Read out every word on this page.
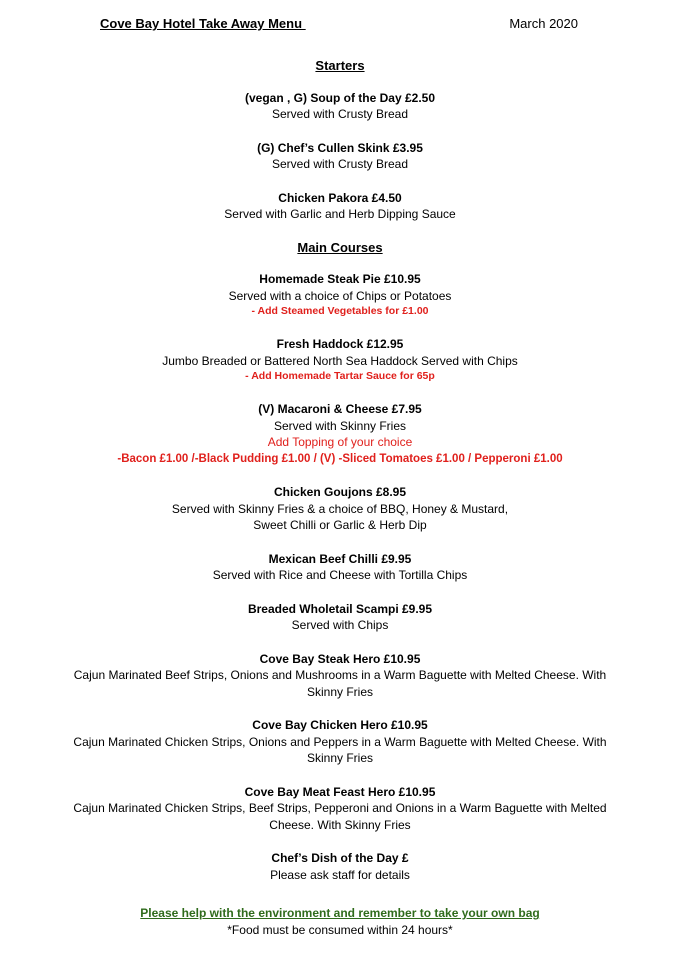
Cove Bay Hotel Take Away Menu	March 2020
Starters
(vegan , G) Soup of the Day £2.50
Served with Crusty Bread
(G) Chef’s Cullen Skink £3.95
Served with Crusty Bread
Chicken Pakora £4.50
Served with Garlic and Herb Dipping Sauce
Main Courses
Homemade Steak Pie £10.95
Served with a choice of Chips or Potatoes
- Add Steamed Vegetables for £1.00
Fresh Haddock £12.95
Jumbo Breaded or Battered North Sea Haddock Served with Chips
- Add Homemade Tartar Sauce for 65p
(V) Macaroni & Cheese £7.95
Served with Skinny Fries
Add Topping of your choice
-Bacon £1.00 /-Black Pudding £1.00 / (V) -Sliced Tomatoes £1.00 / Pepperoni £1.00
Chicken Goujons £8.95
Served with Skinny Fries & a choice of BBQ, Honey & Mustard,
Sweet Chilli or Garlic & Herb Dip
Mexican Beef Chilli £9.95
Served with Rice and Cheese with Tortilla Chips
Breaded Wholetail Scampi £9.95
Served with Chips
Cove Bay Steak Hero £10.95
Cajun Marinated Beef Strips, Onions and Mushrooms in a Warm Baguette with Melted Cheese. With
Skinny Fries
Cove Bay Chicken Hero £10.95
Cajun Marinated Chicken Strips, Onions and Peppers in a Warm Baguette with Melted Cheese. With
Skinny Fries
Cove Bay Meat Feast Hero £10.95
Cajun Marinated Chicken Strips, Beef Strips, Pepperoni and Onions in a Warm Baguette with Melted
Cheese. With Skinny Fries
Chef’s Dish of the Day £
Please ask staff for details
Please help with the environment and remember to take your own bag
*Food must be consumed within 24 hours*
